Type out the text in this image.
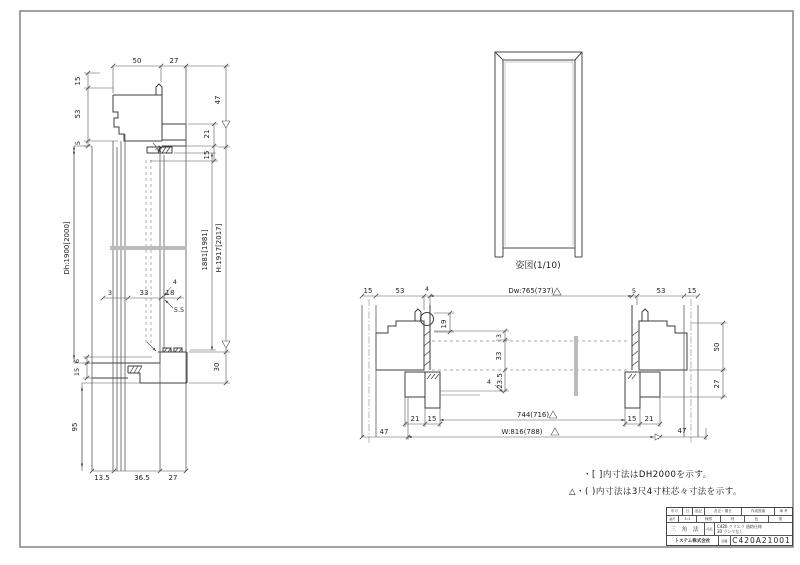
50	27
15
53
5
47
21
15
14
Dh:1900[2000]	1881[1981] H:1917[2017]
3	33 18
4
5.5
6
15
30
95
13.5	36.5	27
姿図(1/10)
15	53	4	Dw:765(737)	5	53	15
19
3
33
23.5
4
50
27
21 15	744(716)	15 21
47	W:816(788)	47
・[ ]内寸法はDH2000を示す。
△・( )内寸法は3尺4寸柱芯々寸法を示す。
年月	日	追記	訂正・期日	作成図番	車 考
縮尺	1:1	検図	材	色	塗
三 角 法	品名	C420 クリエラ 通路仕様
30 ランマなし
トステム株式会社	図番 C420A21001
